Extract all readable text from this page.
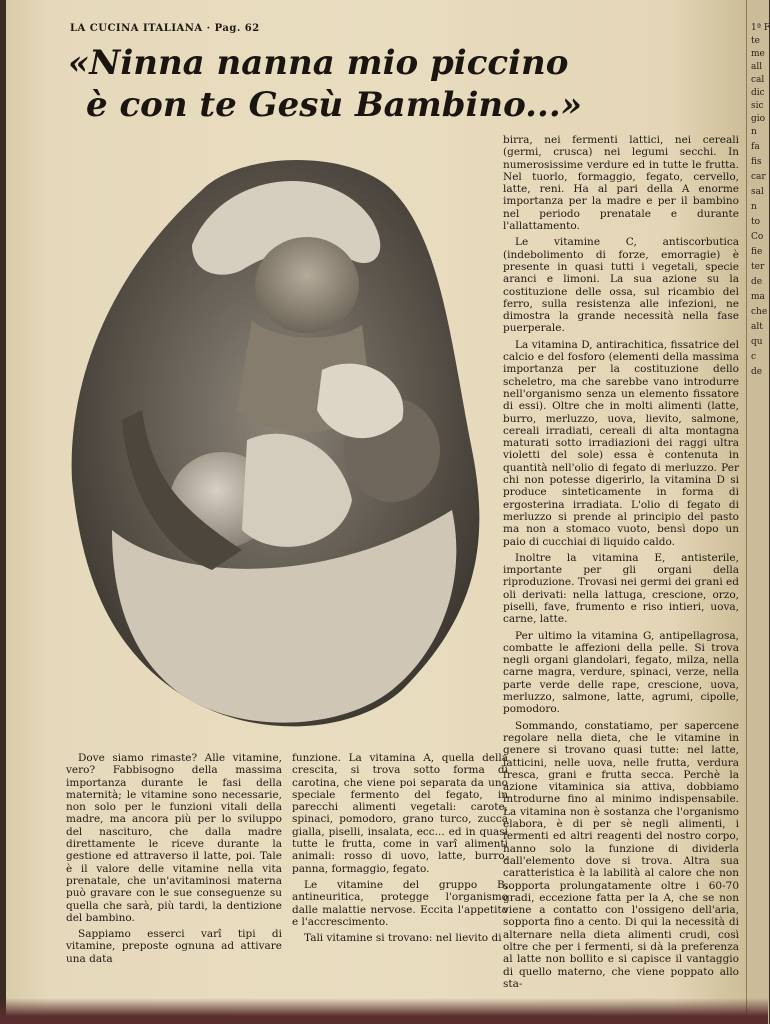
LA CUCINA ITALIANA · Pag. 62
«Ninna nanna mio piccino
è con te Gesù Bambino...»

birra, nei fermenti lattici, nei cereali (germi, crusca) nei legumi secchi. In numerosissime verdure ed in tutte le frutta. Nel tuorlo, formaggio, fegato, cervello, latte, reni. Ha al pari della A enorme importanza per la madre e per il bambino nel periodo prenatale e durante l'allattamento.

Le vitamine C, antiscorbutica (indebolimento di forze, emorragie) è presente in quasi tutti i vegetali, specie aranci e limoni. La sua azione su la costituzione delle ossa, sul ricambio del ferro, sulla resistenza alle infezioni, ne dimostra la grande necessità nella fase puerperale.

La vitamina D, antirachitica, fissatrice del calcio e del fosforo (elementi della massima importanza per la costituzione dello scheletro, ma che sarebbe vano introdurre nell'organismo senza un elemento fissatore di essi). Oltre che in molti alimenti (latte, burro, merluzzo, uova, lievito, salmone, cereali irradiati, cereali di alta montagna maturati sotto irradiazioni dei raggi ultra violetti del sole) essa è contenuta in quantità nell'olio di fegato di merluzzo. Per chi non potesse digerirlo, la vitamina D si produce sinteticamente in forma di ergosterina irradiata. L'olio di fegato di merluzzo si prende al principio del pasto ma non a stomaco vuoto, bensì dopo un paio di cucchiai di liquido caldo.

Inoltre la vitamina E, antisterile, importante per gli organi della riproduzione. Trovasi nei germi dei grani ed oli derivati: nella lattuga, crescione, orzo, piselli, fave, frumento e riso intieri, uova, carne, latte.

Per ultimo la vitamina G, antipellagrosa, combatte le affezioni della pelle. Si trova negli organi glandolari, fegato, milza, nella carne magra, verdure, spinaci, verze, nella parte verde delle rape, crescione, uova, merluzzo, salmone, latte, agrumi, cipolle, pomodoro.

Sommando, constatiamo, per sapercene regolare nella dieta, che le vitamine in genere si trovano quasi tutte: nel latte, latticini, nelle uova, nelle frutta, verdura fresca, grani e frutta secca. Perchè la azione vitaminica sia attiva, dobbiamo introdurne fino al minimo indispensabile. La vitamina non è sostanza che l'organismo elabora, è di per sè negli alimenti, i fermenti ed altri reagenti del nostro corpo, hanno solo la funzione di dividerla dall'elemento dove si trova. Altra sua caratteristica è la labilità al calore che non sopporta prolungatamente oltre i 60-70 gradi, eccezione fatta per la A, che se non viene a contatto con l'ossigeno dell'aria, sopporta fino a cento. Di qui la necessità di alternare nella dieta alimenti crudi, così oltre che per i fermenti, si dà la preferenza al latte non bollito e si capisce il vantaggio di quello materno, che viene poppato allo sta-

Dove siamo rimaste? Alle vitamine, vero? Fabbisogno della massima importanza durante le fasi della maternità; le vitamine sono necessarie, non solo per le funzioni vitali della madre, ma ancora più per lo sviluppo del nascituro, che dalla madre direttamente le riceve durante la gestione ed attraverso il latte, poi. Tale è il valore delle vitamine nella vita prenatale, che un'avitaminosi materna può gravare con le sue conseguenze su quella che sarà, più tardi, la dentizione del bambino.

Sappiamo esserci varî tipi di vitamine, preposte ognuna ad attivare una data

funzione. La vitamina A, quella della crescita, si trova sotto forma di carotina, che viene poi separata da uno speciale fermento del fegato, in parecchi alimenti vegetali: carote, spinaci, pomodoro, grano turco, zucca gialla, piselli, insalata, ecc... ed in quasi tutte le frutta, come in varî alimenti animali: rosso di uovo, latte, burro, panna, formaggio, fegato.

Le vitamine del gruppo B, antineuritica, protegge l'organismo dalle malattie nervose. Eccita l'appetito e l'accrescimento.

Tali vitamine si trovano: nel lievito di

1ª F
te
me
all
cal
dic
sic
gio
n
fa
fis
car
sal
n
to
Co
fie
ter
de
ma
che
alt
qu
c
de
